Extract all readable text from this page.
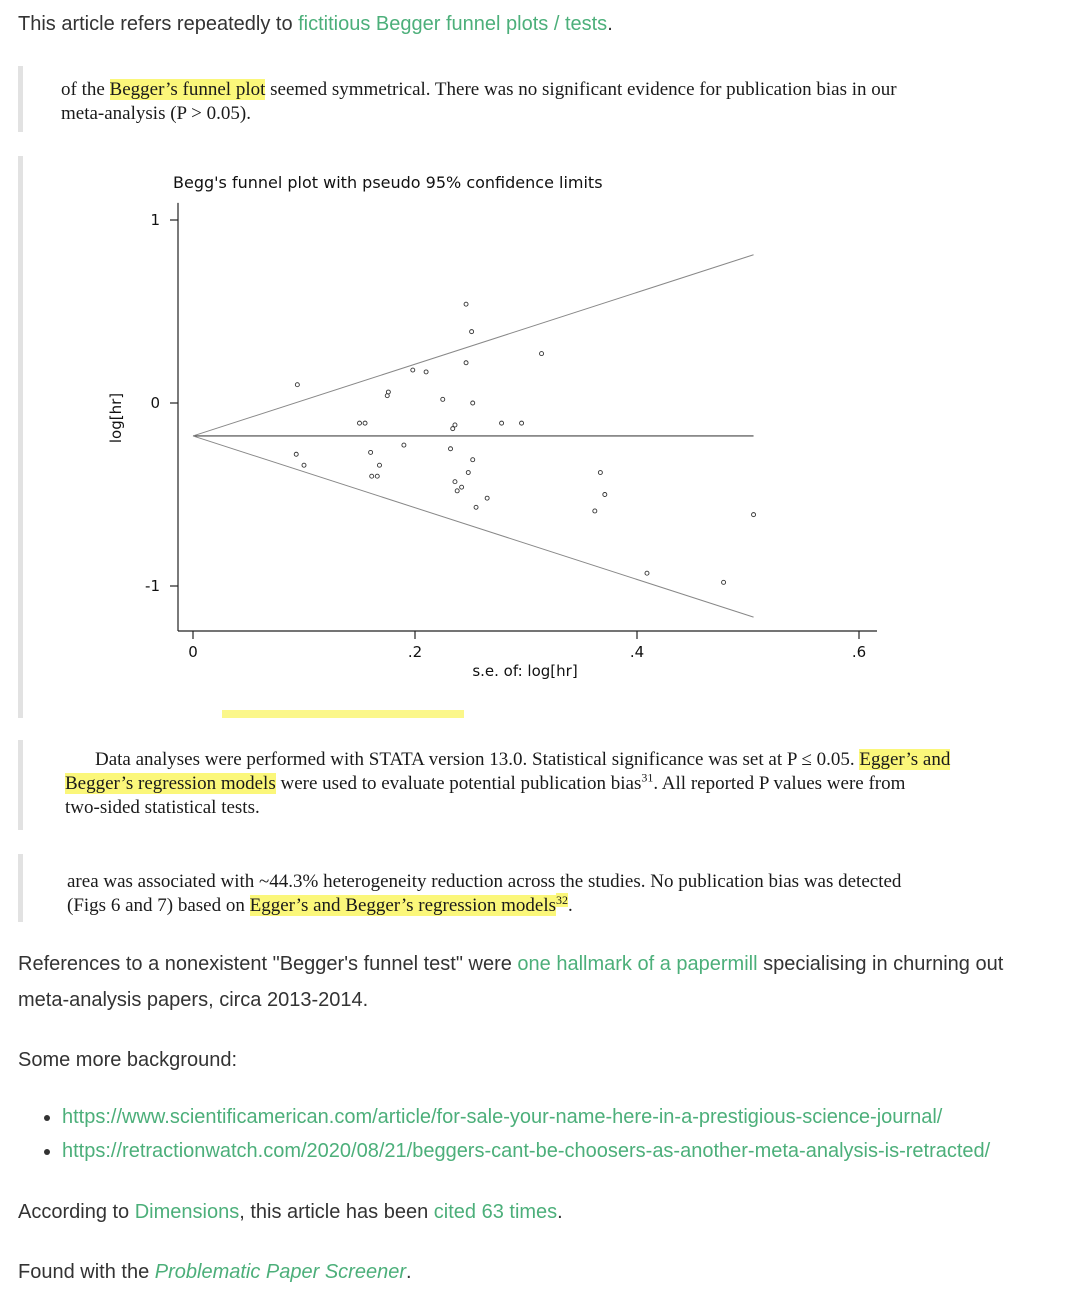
This article refers repeatedly to fictitious Begger funnel plots / tests.
of the Begger’s funnel plot seemed symmetrical. There was no significant evidence for publication bias in our
meta-analysis (P > 0.05).
Begg's funnel plot with pseudo 95% confidence limits
s.e. of: log[hr]
log[hr]
1
0
-1
0	.2	.4	.6
Data analyses were performed with STATA version 13.0. Statistical significance was set at P ≤ 0.05. Egger’s and
Begger’s regression models were used to evaluate potential publication bias$^{31}$. All reported P values were from
two-sided statistical tests.
area was associated with ~44.3% heterogeneity reduction across the studies. No publication bias was detected
(Figs 6 and 7) based on Egger’s and Begger’s regression models$^{32}$.
References to a nonexistent "Begger's funnel test" were one hallmark of a papermill specialising in churning out
meta-analysis papers, circa 2013-2014.
Some more background:
• https://www.scientificamerican.com/article/for-sale-your-name-here-in-a-prestigious-science-journal/
• https://retractionwatch.com/2020/08/21/beggers-cant-be-choosers-as-another-meta-analysis-is-retracted/
According to Dimensions, this article has been cited 63 times.
Found with the Problematic Paper Screener.
